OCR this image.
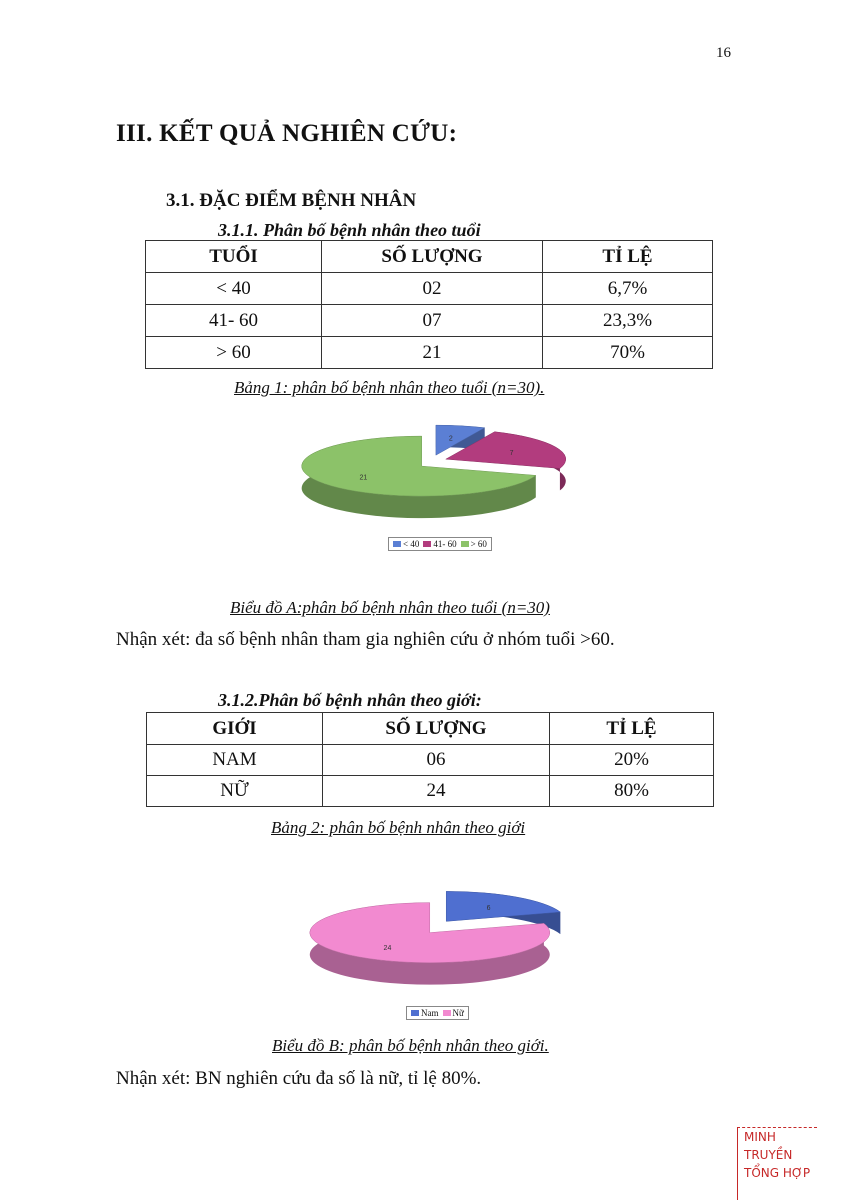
16
III. KẾT QUẢ NGHIÊN CỨU:
3.1. ĐẶC ĐIỂM BỆNH NHÂN
3.1.1. Phân bố bệnh nhân theo tuổi
TUỔI	SỐ LƯỢNG	TỈ LỆ
< 40	02	6,7%
41- 60	07	23,3%
> 60	21	70%
Bảng 1: phân bố bệnh nhân theo tuổi (n=30).
2
7
21
< 40 41- 60 > 60
Biểu đồ A:phân bố bệnh nhân theo tuổi (n=30)
Nhận xét: đa số bệnh nhân tham gia nghiên cứu ở nhóm tuổi >60.
3.1.2.Phân bố bệnh nhân theo giới:
GIỚI	SỐ LƯỢNG	TỈ LỆ
NAM	06	20%
NỮ	24	80%
Bảng 2: phân bố bệnh nhân theo giới
6
24
Nam Nữ
Biểu đồ B: phân bố bệnh nhân theo giới.
Nhận xét: BN nghiên cứu đa số là nữ, tỉ lệ 80%.
MINH
TRUYỀN
TỔNG HỢP
